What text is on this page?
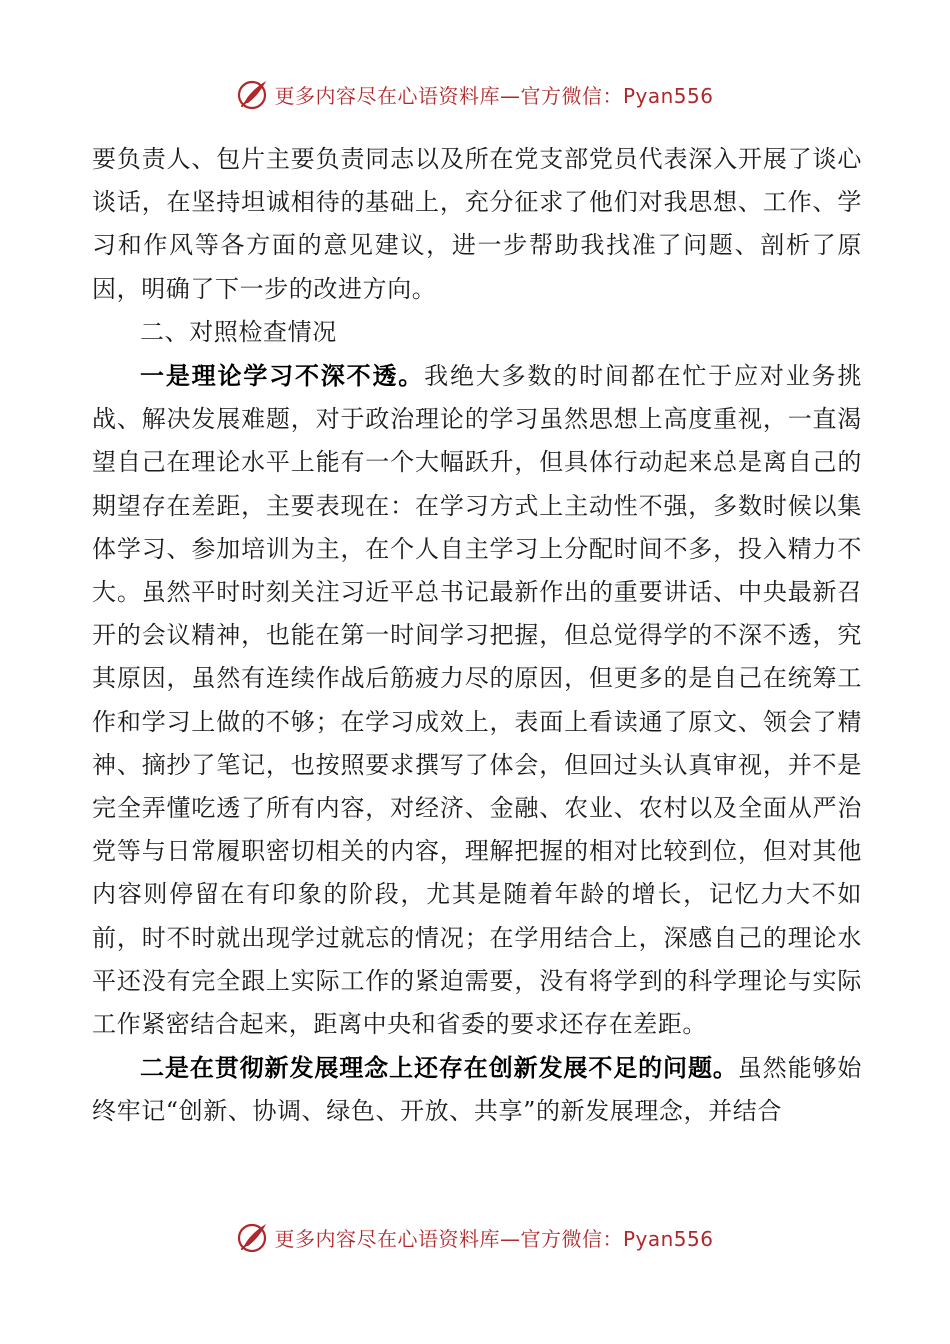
更多内容尽在心语资料库—官方微信：Pyan556

要负责人、包片主要负责同志以及所在党支部党员代表深入开展了谈心谈话，在坚持坦诚相待的基础上，充分征求了他们对我思想、工作、学习和作风等各方面的意见建议，进一步帮助我找准了问题、剖析了原因，明确了下一步的改进方向。

二、对照检查情况

一是理论学习不深不透。我绝大多数的时间都在忙于应对业务挑战、解决发展难题，对于政治理论的学习虽然思想上高度重视，一直渴望自己在理论水平上能有一个大幅跃升，但具体行动起来总是离自己的期望存在差距，主要表现在：在学习方式上主动性不强，多数时候以集体学习、参加培训为主，在个人自主学习上分配时间不多，投入精力不大。虽然平时时刻关注习近平总书记最新作出的重要讲话、中央最新召开的会议精神，也能在第一时间学习把握，但总觉得学的不深不透，究其原因，虽然有连续作战后筋疲力尽的原因，但更多的是自己在统筹工作和学习上做的不够；在学习成效上，表面上看读通了原文、领会了精神、摘抄了笔记，也按照要求撰写了体会，但回过头认真审视，并不是完全弄懂吃透了所有内容，对经济、金融、农业、农村以及全面从严治党等与日常履职密切相关的内容，理解把握的相对比较到位，但对其他内容则停留在有印象的阶段，尤其是随着年龄的增长，记忆力大不如前，时不时就出现学过就忘的情况；在学用结合上，深感自己的理论水平还没有完全跟上实际工作的紧迫需要，没有将学到的科学理论与实际工作紧密结合起来，距离中央和省委的要求还存在差距。

二是在贯彻新发展理念上还存在创新发展不足的问题。虽然能够始终牢记“创新、协调、绿色、开放、共享”的新发展理念，并结合

更多内容尽在心语资料库—官方微信：Pyan556
